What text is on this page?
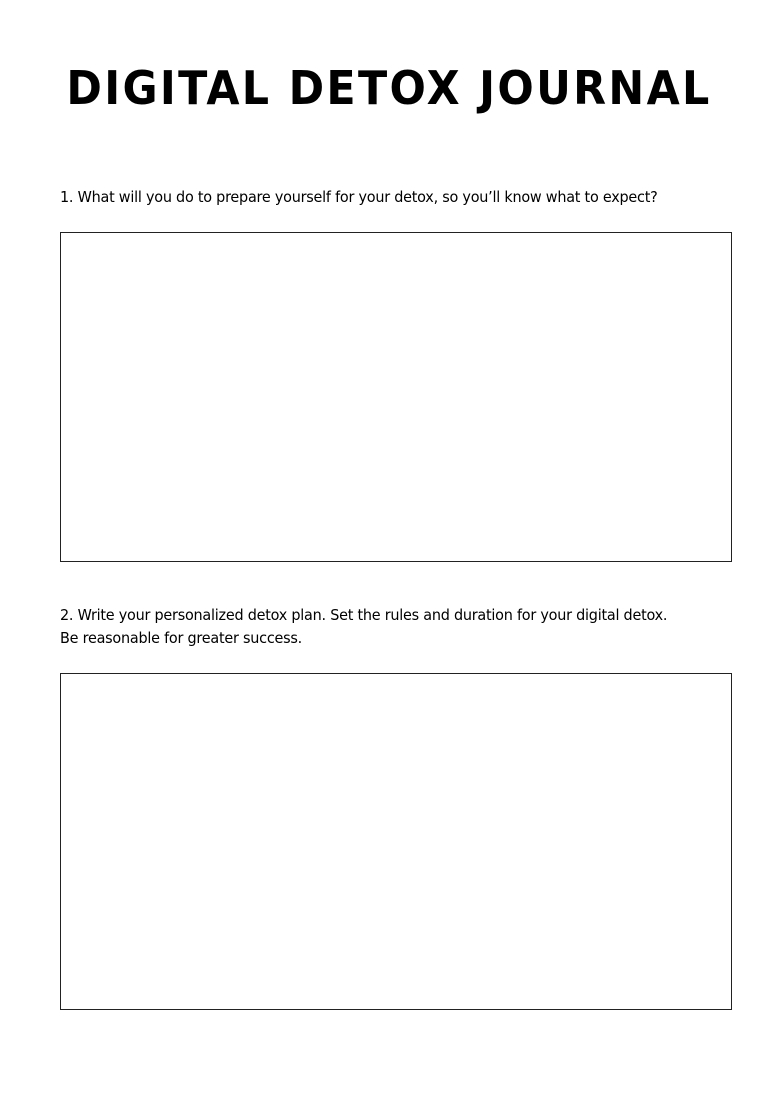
DIGITAL DETOX JOURNAL
1. What will you do to prepare yourself for your detox, so you’ll know what to expect?
2. Write your personalized detox plan. Set the rules and duration for your digital detox.
Be reasonable for greater success.
